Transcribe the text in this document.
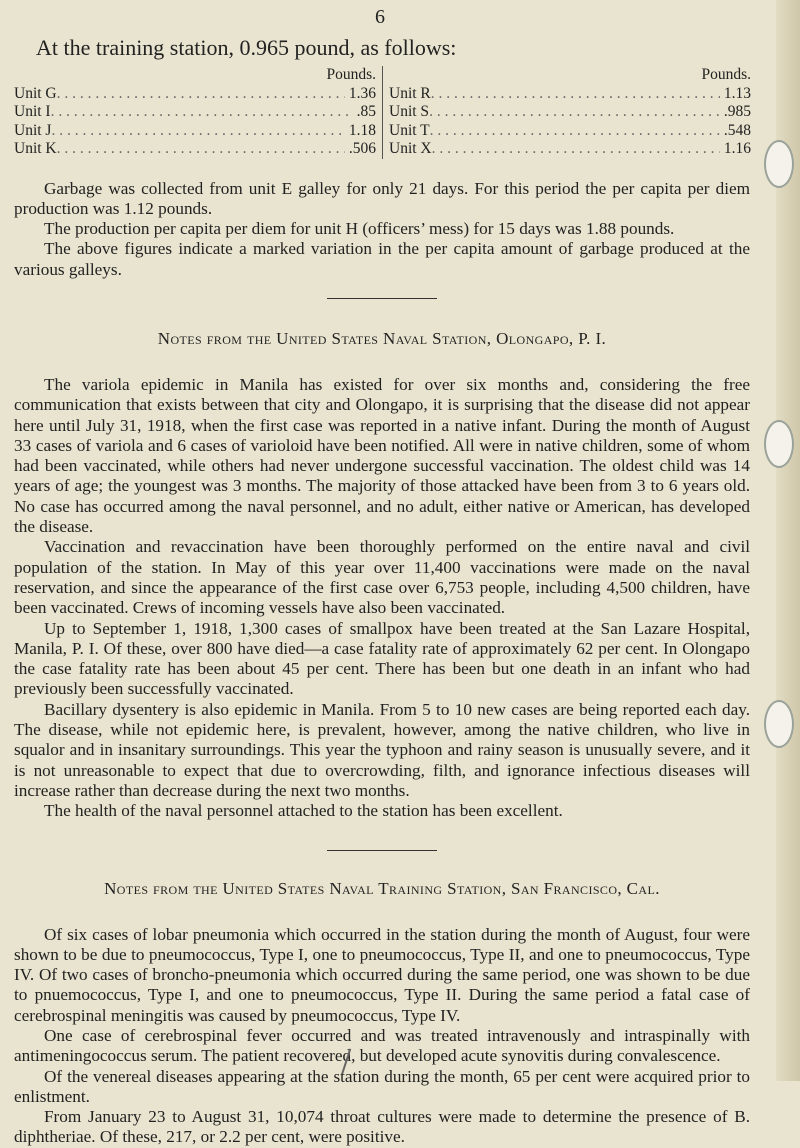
6
At the training station, 0.965 pound, as follows:
Pounds.
Unit G . . .	1.36
Unit I . . .	.85
Unit J . . .	1.18
Unit K . . .	.506
Pounds.
Unit R . . .	1.13
Unit S . . .	.985
Unit T . . .	.548
Unit X . . .	1.16

Garbage was collected from unit E galley for only 21 days. For this period the per capita per diem production was 1.12 pounds.

The production per capita per diem for unit H (officers’ mess) for 15 days was 1.88 pounds.

The above figures indicate a marked variation in the per capita amount of garbage produced at the various galleys.

Notes from the United States Naval Station, Olongapo, P. I.

The variola epidemic in Manila has existed for over six months and, considering the free communication that exists between that city and Olongapo, it is surprising that the disease did not appear here until July 31, 1918, when the first case was reported in a native infant. During the month of August 33 cases of variola and 6 cases of varioloid have been notified. All were in native children, some of whom had been vaccinated, while others had never undergone successful vaccination. The oldest child was 14 years of age; the youngest was 3 months. The majority of those attacked have been from 3 to 6 years old. No case has occurred among the naval personnel, and no adult, either native or American, has developed the disease.

Vaccination and revaccination have been thoroughly performed on the entire naval and civil population of the station. In May of this year over 11,400 vaccinations were made on the naval reservation, and since the appearance of the first case over 6,753 people, including 4,500 children, have been vaccinated. Crews of incoming vessels have also been vaccinated.

Up to September 1, 1918, 1,300 cases of smallpox have been treated at the San Lazare Hospital, Manila, P. I. Of these, over 800 have died—a case fatality rate of approximately 62 per cent. In Olongapo the case fatality rate has been about 45 per cent. There has been but one death in an infant who had previously been successfully vaccinated.

Bacillary dysentery is also epidemic in Manila. From 5 to 10 new cases are being reported each day. The disease, while not epidemic here, is prevalent, however, among the native children, who live in squalor and in insanitary surroundings. This year the typhoon and rainy season is unusually severe, and it is not unreasonable to expect that due to overcrowding, filth, and ignorance infectious diseases will increase rather than decrease during the next two months.

The health of the naval personnel attached to the station has been excellent.

Notes from the United States Naval Training Station, San Francisco, Cal.

Of six cases of lobar pneumonia which occurred in the station during the month of August, four were shown to be due to pneumococcus, Type I, one to pneumococcus, Type II, and one to pneumococcus, Type IV. Of two cases of broncho-pneumonia which occurred during the same period, one was shown to be due to pnuemococcus, Type I, and one to pneumococcus, Type II. During the same period a fatal case of cerebrospinal meningitis was caused by pneumococcus, Type IV.

One case of cerebrospinal fever occurred and was treated intravenously and intraspinally with antimeningococcus serum. The patient recovered, but developed acute synovitis during convalescence.

Of the venereal diseases appearing at the station during the month, 65 per cent were acquired prior to enlistment.

From January 23 to August 31, 10,074 throat cultures were made to determine the presence of B. diphtheriae. Of these, 217, or 2.2 per cent, were positive.
